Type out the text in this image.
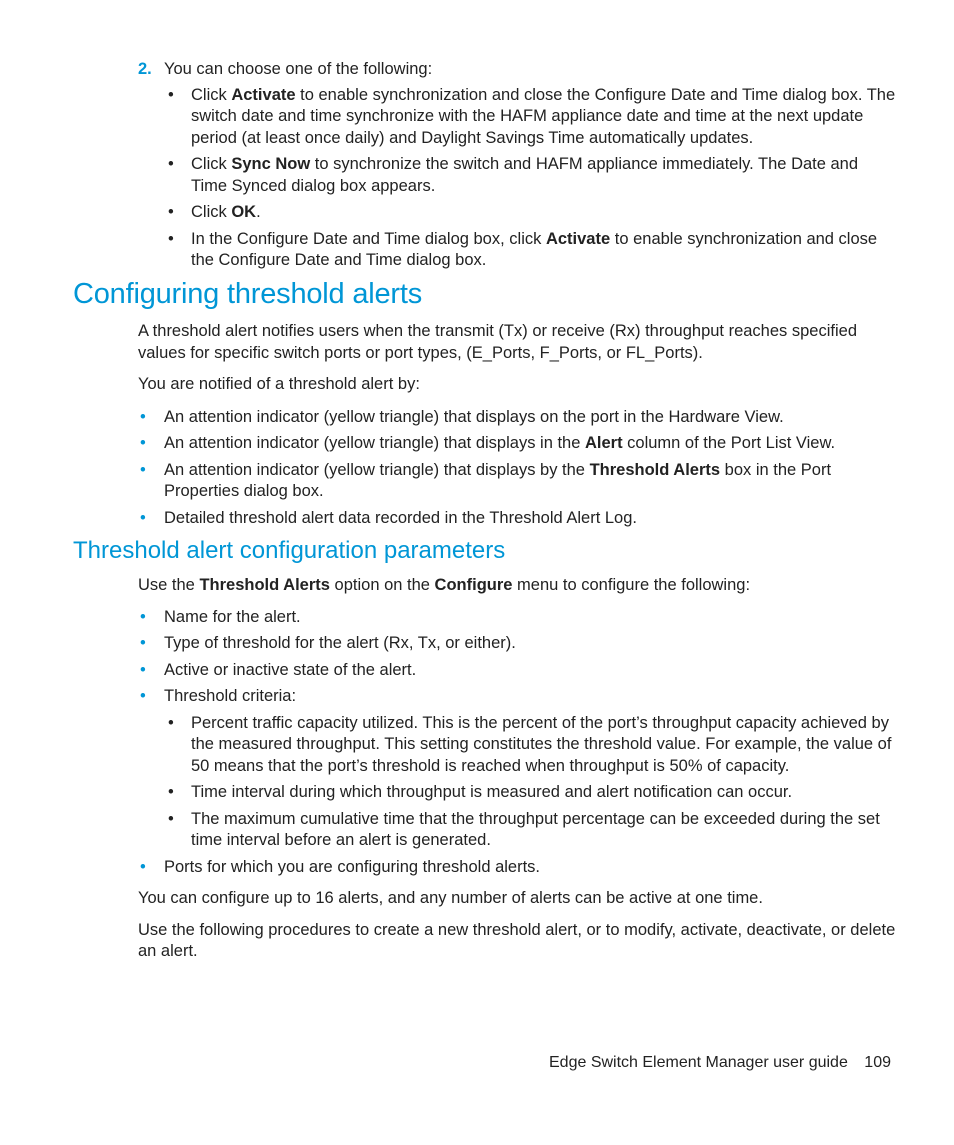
2. You can choose one of the following:

• Click Activate to enable synchronization and close the Configure Date and Time dialog box. The switch date and time synchronize with the HAFM appliance date and time at the next update period (at least once daily) and Daylight Savings Time automatically updates.
• Click Sync Now to synchronize the switch and HAFM appliance immediately. The Date and Time Synced dialog box appears.
• Click OK.
• In the Configure Date and Time dialog box, click Activate to enable synchronization and close the Configure Date and Time dialog box.
Configuring threshold alerts

A threshold alert notifies users when the transmit (Tx) or receive (Rx) throughput reaches specified values for specific switch ports or port types, (E_Ports, F_Ports, or FL_Ports).

You are notified of a threshold alert by:

• An attention indicator (yellow triangle) that displays on the port in the Hardware View.
• An attention indicator (yellow triangle) that displays in the Alert column of the Port List View.
• An attention indicator (yellow triangle) that displays by the Threshold Alerts box in the Port Properties dialog box.
• Detailed threshold alert data recorded in the Threshold Alert Log.
Threshold alert configuration parameters

Use the Threshold Alerts option on the Configure menu to configure the following:

• Name for the alert.
• Type of threshold for the alert (Rx, Tx, or either).
• Active or inactive state of the alert.
• Threshold criteria:
• Percent traffic capacity utilized. This is the percent of the port’s throughput capacity achieved by the measured throughput. This setting constitutes the threshold value. For example, the value of 50 means that the port’s threshold is reached when throughput is 50% of capacity.
• Time interval during which throughput is measured and alert notification can occur.
• The maximum cumulative time that the throughput percentage can be exceeded during the set time interval before an alert is generated.
• Ports for which you are configuring threshold alerts.

You can configure up to 16 alerts, and any number of alerts can be active at one time.

Use the following procedures to create a new threshold alert, or to modify, activate, deactivate, or delete an alert.

Edge Switch Element Manager user guide 109
